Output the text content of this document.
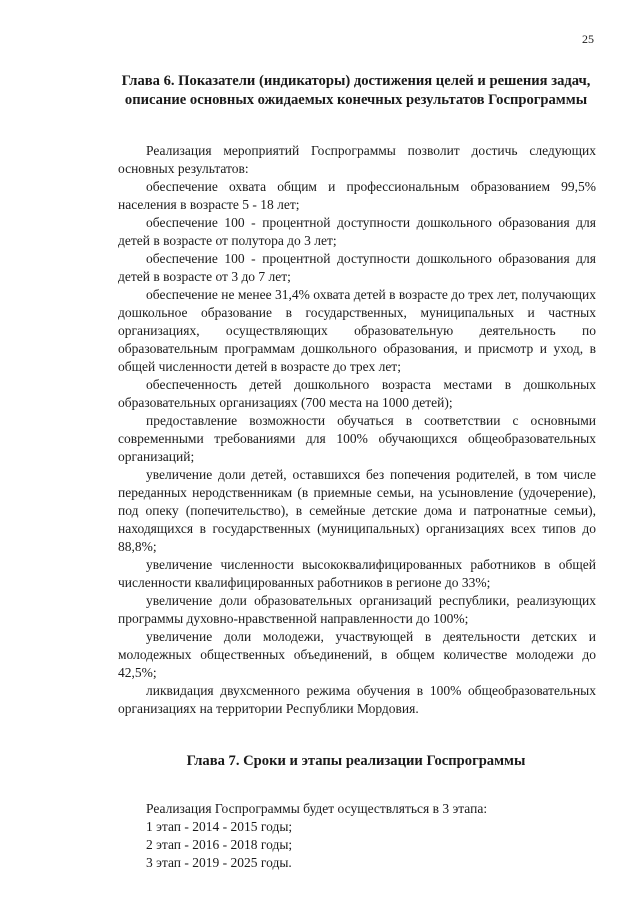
25
Глава 6. Показатели (индикаторы) достижения целей и решения задач,
описание основных ожидаемых конечных результатов Госпрограммы

Реализация мероприятий Госпрограммы позволит достичь следующих основных результатов:

обеспечение охвата общим и профессиональным образованием 99,5% населения в возрасте 5 - 18 лет;

обеспечение 100 - процентной доступности дошкольного образования для детей в возрасте от полутора до 3 лет;

обеспечение 100 - процентной доступности дошкольного образования для детей в возрасте от 3 до 7 лет;

обеспечение не менее 31,4% охвата детей в возрасте до трех лет, получающих дошкольное образование в государственных, муниципальных и частных организациях, осуществляющих образовательную деятельность по образовательным программам дошкольного образования, и присмотр и уход, в общей численности детей в возрасте до трех лет;

обеспеченность детей дошкольного возраста местами в дошкольных образовательных организациях (700 места на 1000 детей);

предоставление возможности обучаться в соответствии с основными современными требованиями для 100% обучающихся общеобразовательных организаций;

увеличение доли детей, оставшихся без попечения родителей, в том числе переданных неродственникам (в приемные семьи, на усыновление (удочерение), под опеку (попечительство), в семейные детские дома и патронатные семьи), находящихся в государственных (муниципальных) организациях всех типов до 88,8%;

увеличение численности высококвалифицированных работников в общей численности квалифицированных работников в регионе до 33%;

увеличение доли образовательных организаций республики, реализующих программы духовно-нравственной направленности до 100%;

увеличение доли молодежи, участвующей в деятельности детских и молодежных общественных объединений, в общем количестве молодежи до 42,5%;

ликвидация двухсменного режима обучения в 100% общеобразовательных организациях на территории Республики Мордовия.

Глава 7. Сроки и этапы реализации Госпрограммы

Реализация Госпрограммы будет осуществляться в 3 этапа:

1 этап - 2014 - 2015 годы;

2 этап - 2016 - 2018 годы;

3 этап - 2019 - 2025 годы.
